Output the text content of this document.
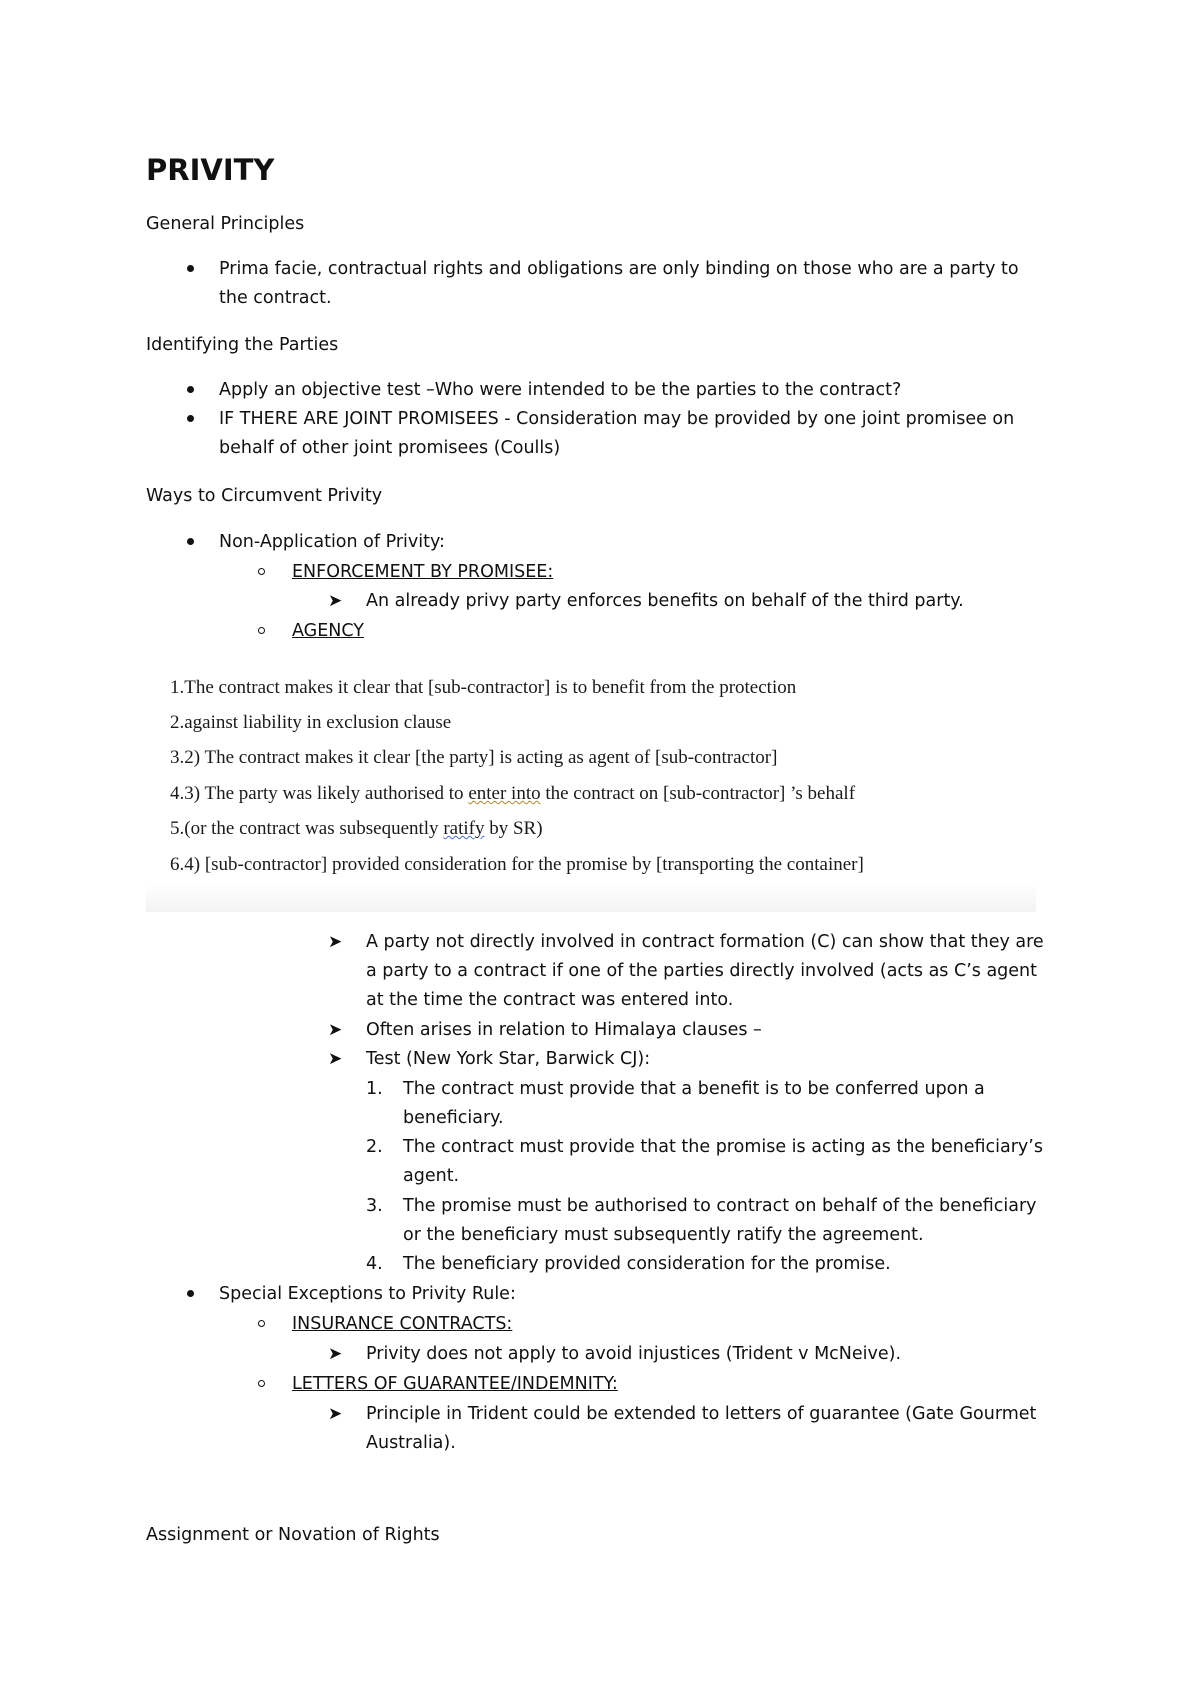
PRIVITY

General Principles

Prima facie, contractual rights and obligations are only binding on those who are a party to
the contract.

Identifying the Parties

Apply an objective test –Who were intended to be the parties to the contract?
IF THERE ARE JOINT PROMISEES - Consideration may be provided by one joint promisee on
behalf of other joint promisees (Coulls)

Ways to Circumvent Privity

Non-Application of Privity:
ENFORCEMENT BY PROMISEE:
➤ An already privy party enforces benefits on behalf of the third party.
AGENCY
1.The contract makes it clear that [sub-contractor] is to benefit from the protection
2.against liability in exclusion clause
3.2) The contract makes it clear [the party] is acting as agent of [sub-contractor]
4.3) The party was likely authorised to enter into the contract on [sub-contractor] ’s behalf
5.(or the contract was subsequently ratify by SR)
6.4) [sub-contractor] provided consideration for the promise by [transporting the container]
➤ A party not directly involved in contract formation (C) can show that they are
a party to a contract if one of the parties directly involved (acts as C’s agent
at the time the contract was entered into.
➤ Often arises in relation to Himalaya clauses –
➤ Test (New York Star, Barwick CJ):
1. The contract must provide that a benefit is to be conferred upon a
beneficiary.
2. The contract must provide that the promise is acting as the beneficiary’s
agent.
3. The promise must be authorised to contract on behalf of the beneficiary
or the beneficiary must subsequently ratify the agreement.
4. The beneficiary provided consideration for the promise.
Special Exceptions to Privity Rule:
INSURANCE CONTRACTS:
➤ Privity does not apply to avoid injustices (Trident v McNeive).
LETTERS OF GUARANTEE/INDEMNITY:
➤ Principle in Trident could be extended to letters of guarantee (Gate Gourmet
Australia).

Assignment or Novation of Rights
